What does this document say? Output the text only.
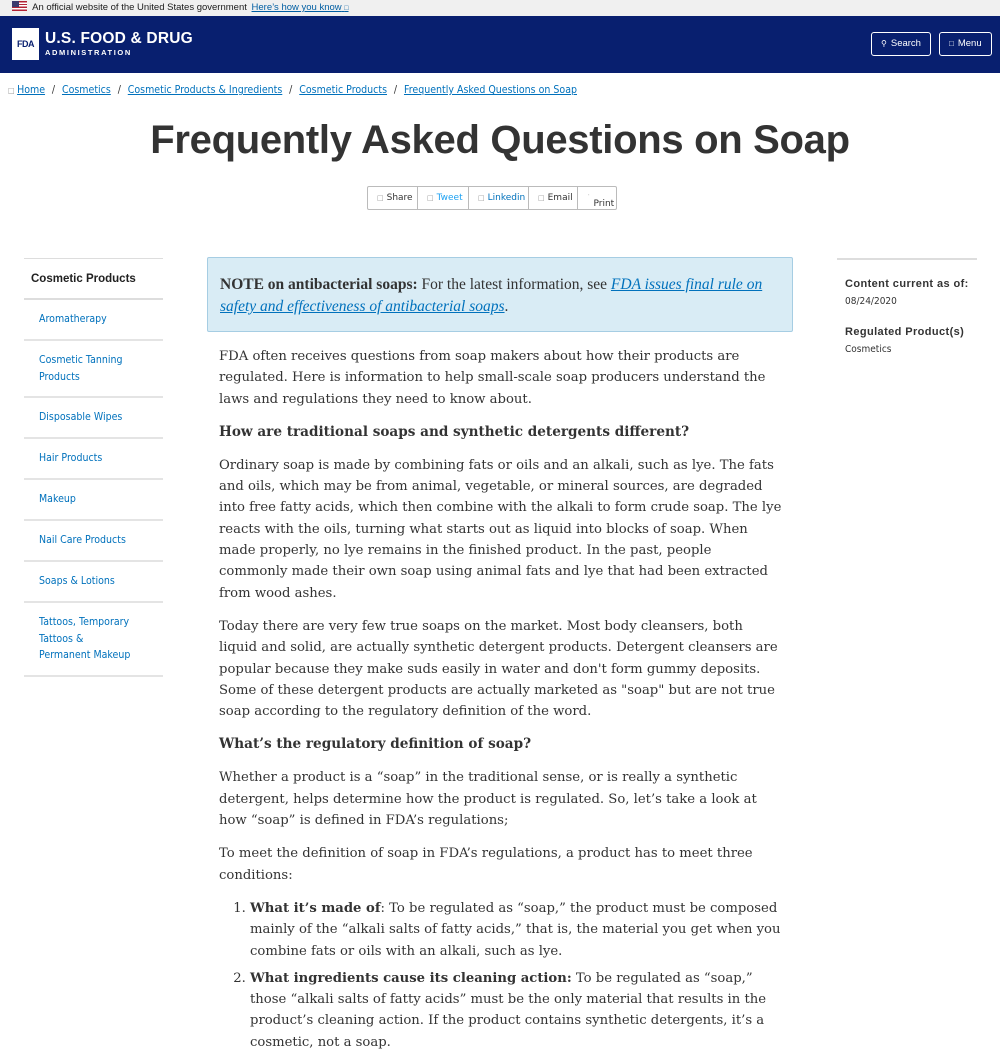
An official website of the United States government Here’s how you know □
FDA U.S. FOOD & DRUG
ADMINISTRATION
⚲ Search	□ Menu
□ Home / Cosmetics / Cosmetic Products & Ingredients / Cosmetic Products / Frequently Asked Questions on Soap
Frequently Asked Questions on Soap
□ Share	□ Tweet	□ Linkedin	□ Email	˙Print
Cosmetic Products
Aromatherapy
Cosmetic Tanning Products
Disposable Wipes
Hair Products
Makeup
Nail Care Products
Soaps & Lotions
Tattoos, Temporary Tattoos & Permanent Makeup
Content current as of:
08/24/2020
Regulated Product(s)
Cosmetics
NOTE on antibacterial soaps: For the latest information, see FDA issues final rule on safety and effectiveness of antibacterial soaps.

FDA often receives questions from soap makers about how their products are regulated. Here is information to help small-scale soap producers understand the laws and regulations they need to know about.

How are traditional soaps and synthetic detergents different?

Ordinary soap is made by combining fats or oils and an alkali, such as lye. The fats and oils, which may be from animal, vegetable, or mineral sources, are degraded into free fatty acids, which then combine with the alkali to form crude soap. The lye reacts with the oils, turning what starts out as liquid into blocks of soap. When made properly, no lye remains in the finished product. In the past, people commonly made their own soap using animal fats and lye that had been extracted from wood ashes.

Today there are very few true soaps on the market. Most body cleansers, both liquid and solid, are actually synthetic detergent products. Detergent cleansers are popular because they make suds easily in water and don't form gummy deposits. Some of these detergent products are actually marketed as "soap" but are not true soap according to the regulatory definition of the word.

What’s the regulatory definition of soap?

Whether a product is a “soap” in the traditional sense, or is really a synthetic detergent, helps determine how the product is regulated. So, let’s take a look at how “soap” is defined in FDA’s regulations;

To meet the definition of soap in FDA’s regulations, a product has to meet three conditions:

1. What it’s made of: To be regulated as “soap,” the product must be composed mainly of the “alkali salts of fatty acids,” that is, the material you get when you combine fats or oils with an alkali, such as lye.
2. What ingredients cause its cleaning action: To be regulated as “soap,” those “alkali salts of fatty acids” must be the only material that results in the product’s cleaning action. If the product contains synthetic detergents, it’s a cosmetic, not a soap.
